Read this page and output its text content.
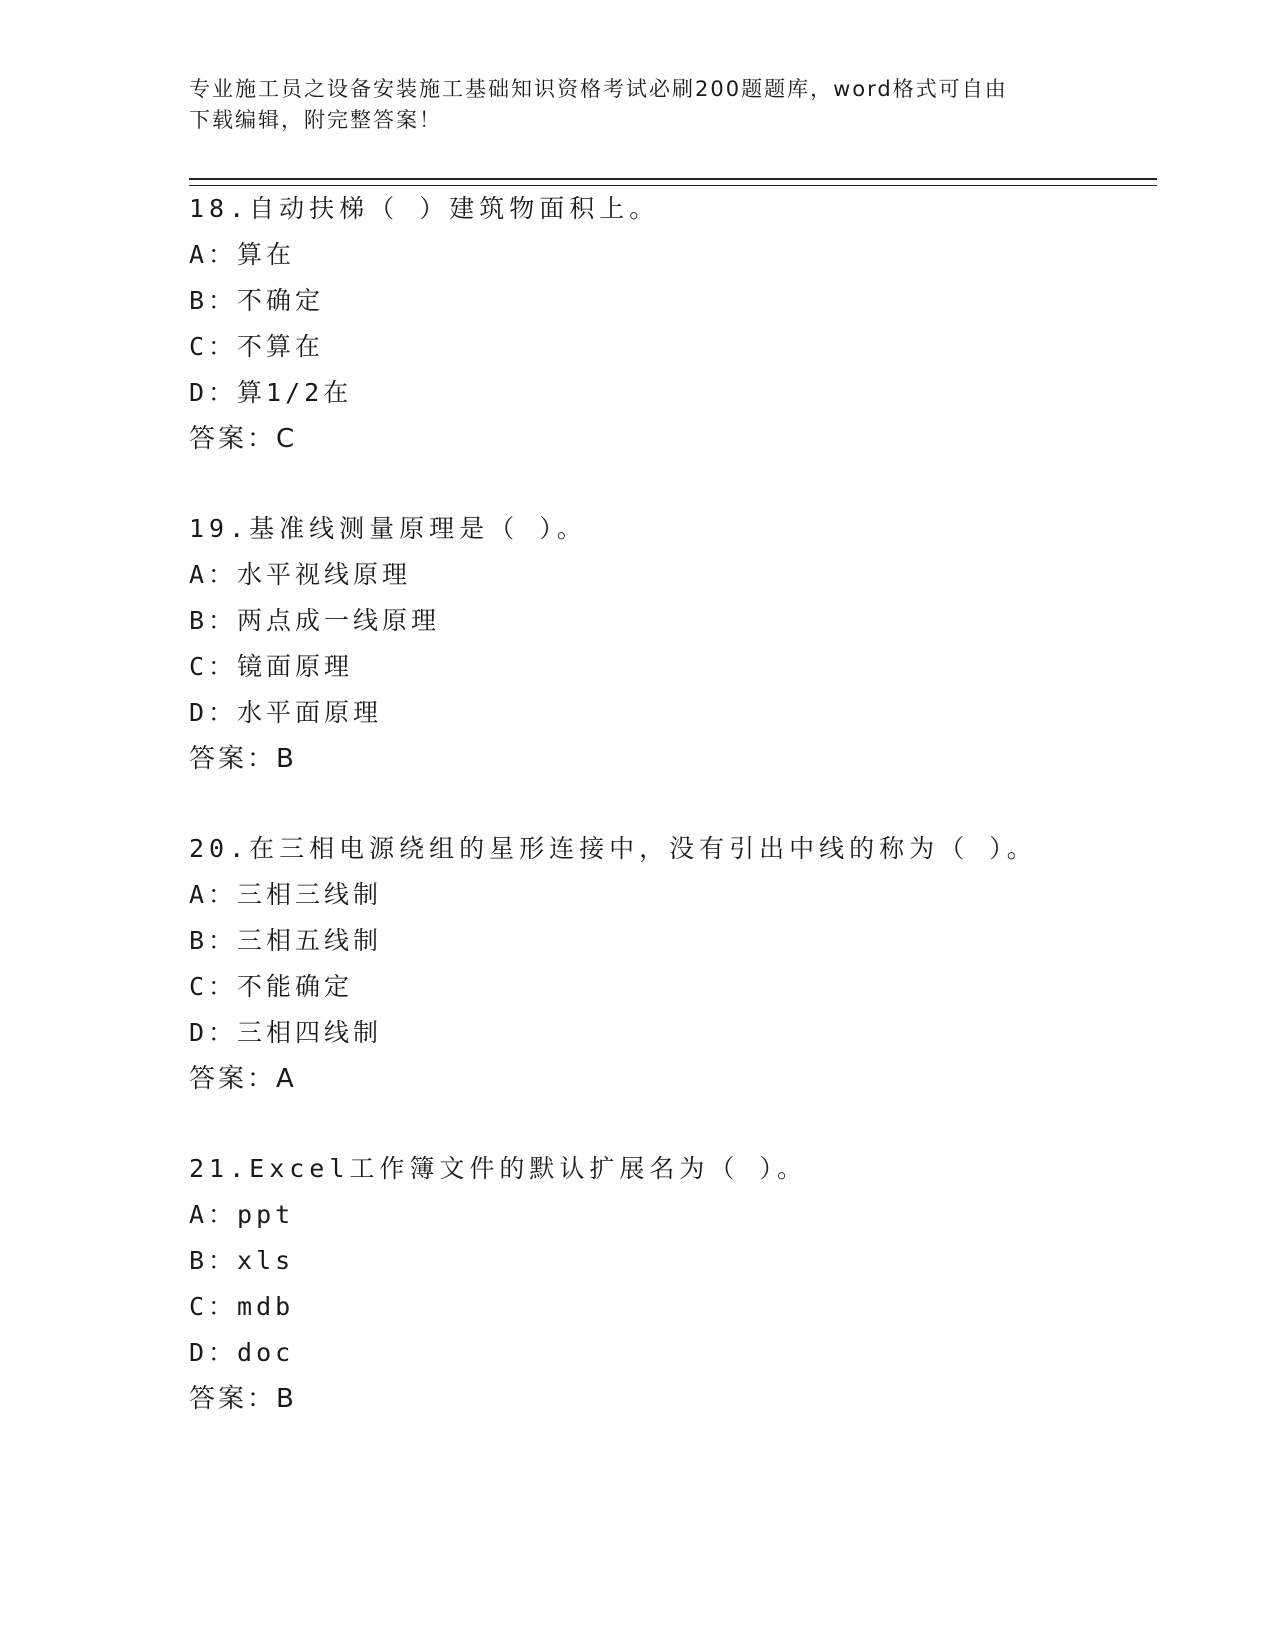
专业施工员之设备安装施工基础知识资格考试必刷200题题库，word格式可自由
下载编辑，附完整答案！
18.自动扶梯（ ）建筑物面积上。
A：算在
B：不确定
C：不算在
D：算1/2在
答案：C
19.基准线测量原理是（ ）。
A：水平视线原理
B：两点成一线原理
C：镜面原理
D：水平面原理
答案：B
20.在三相电源绕组的星形连接中，没有引出中线的称为（ ）。
A：三相三线制
B：三相五线制
C：不能确定
D：三相四线制
答案：A
21.Excel工作簿文件的默认扩展名为（ ）。
A：ppt
B：xls
C：mdb
D：doc
答案：B
